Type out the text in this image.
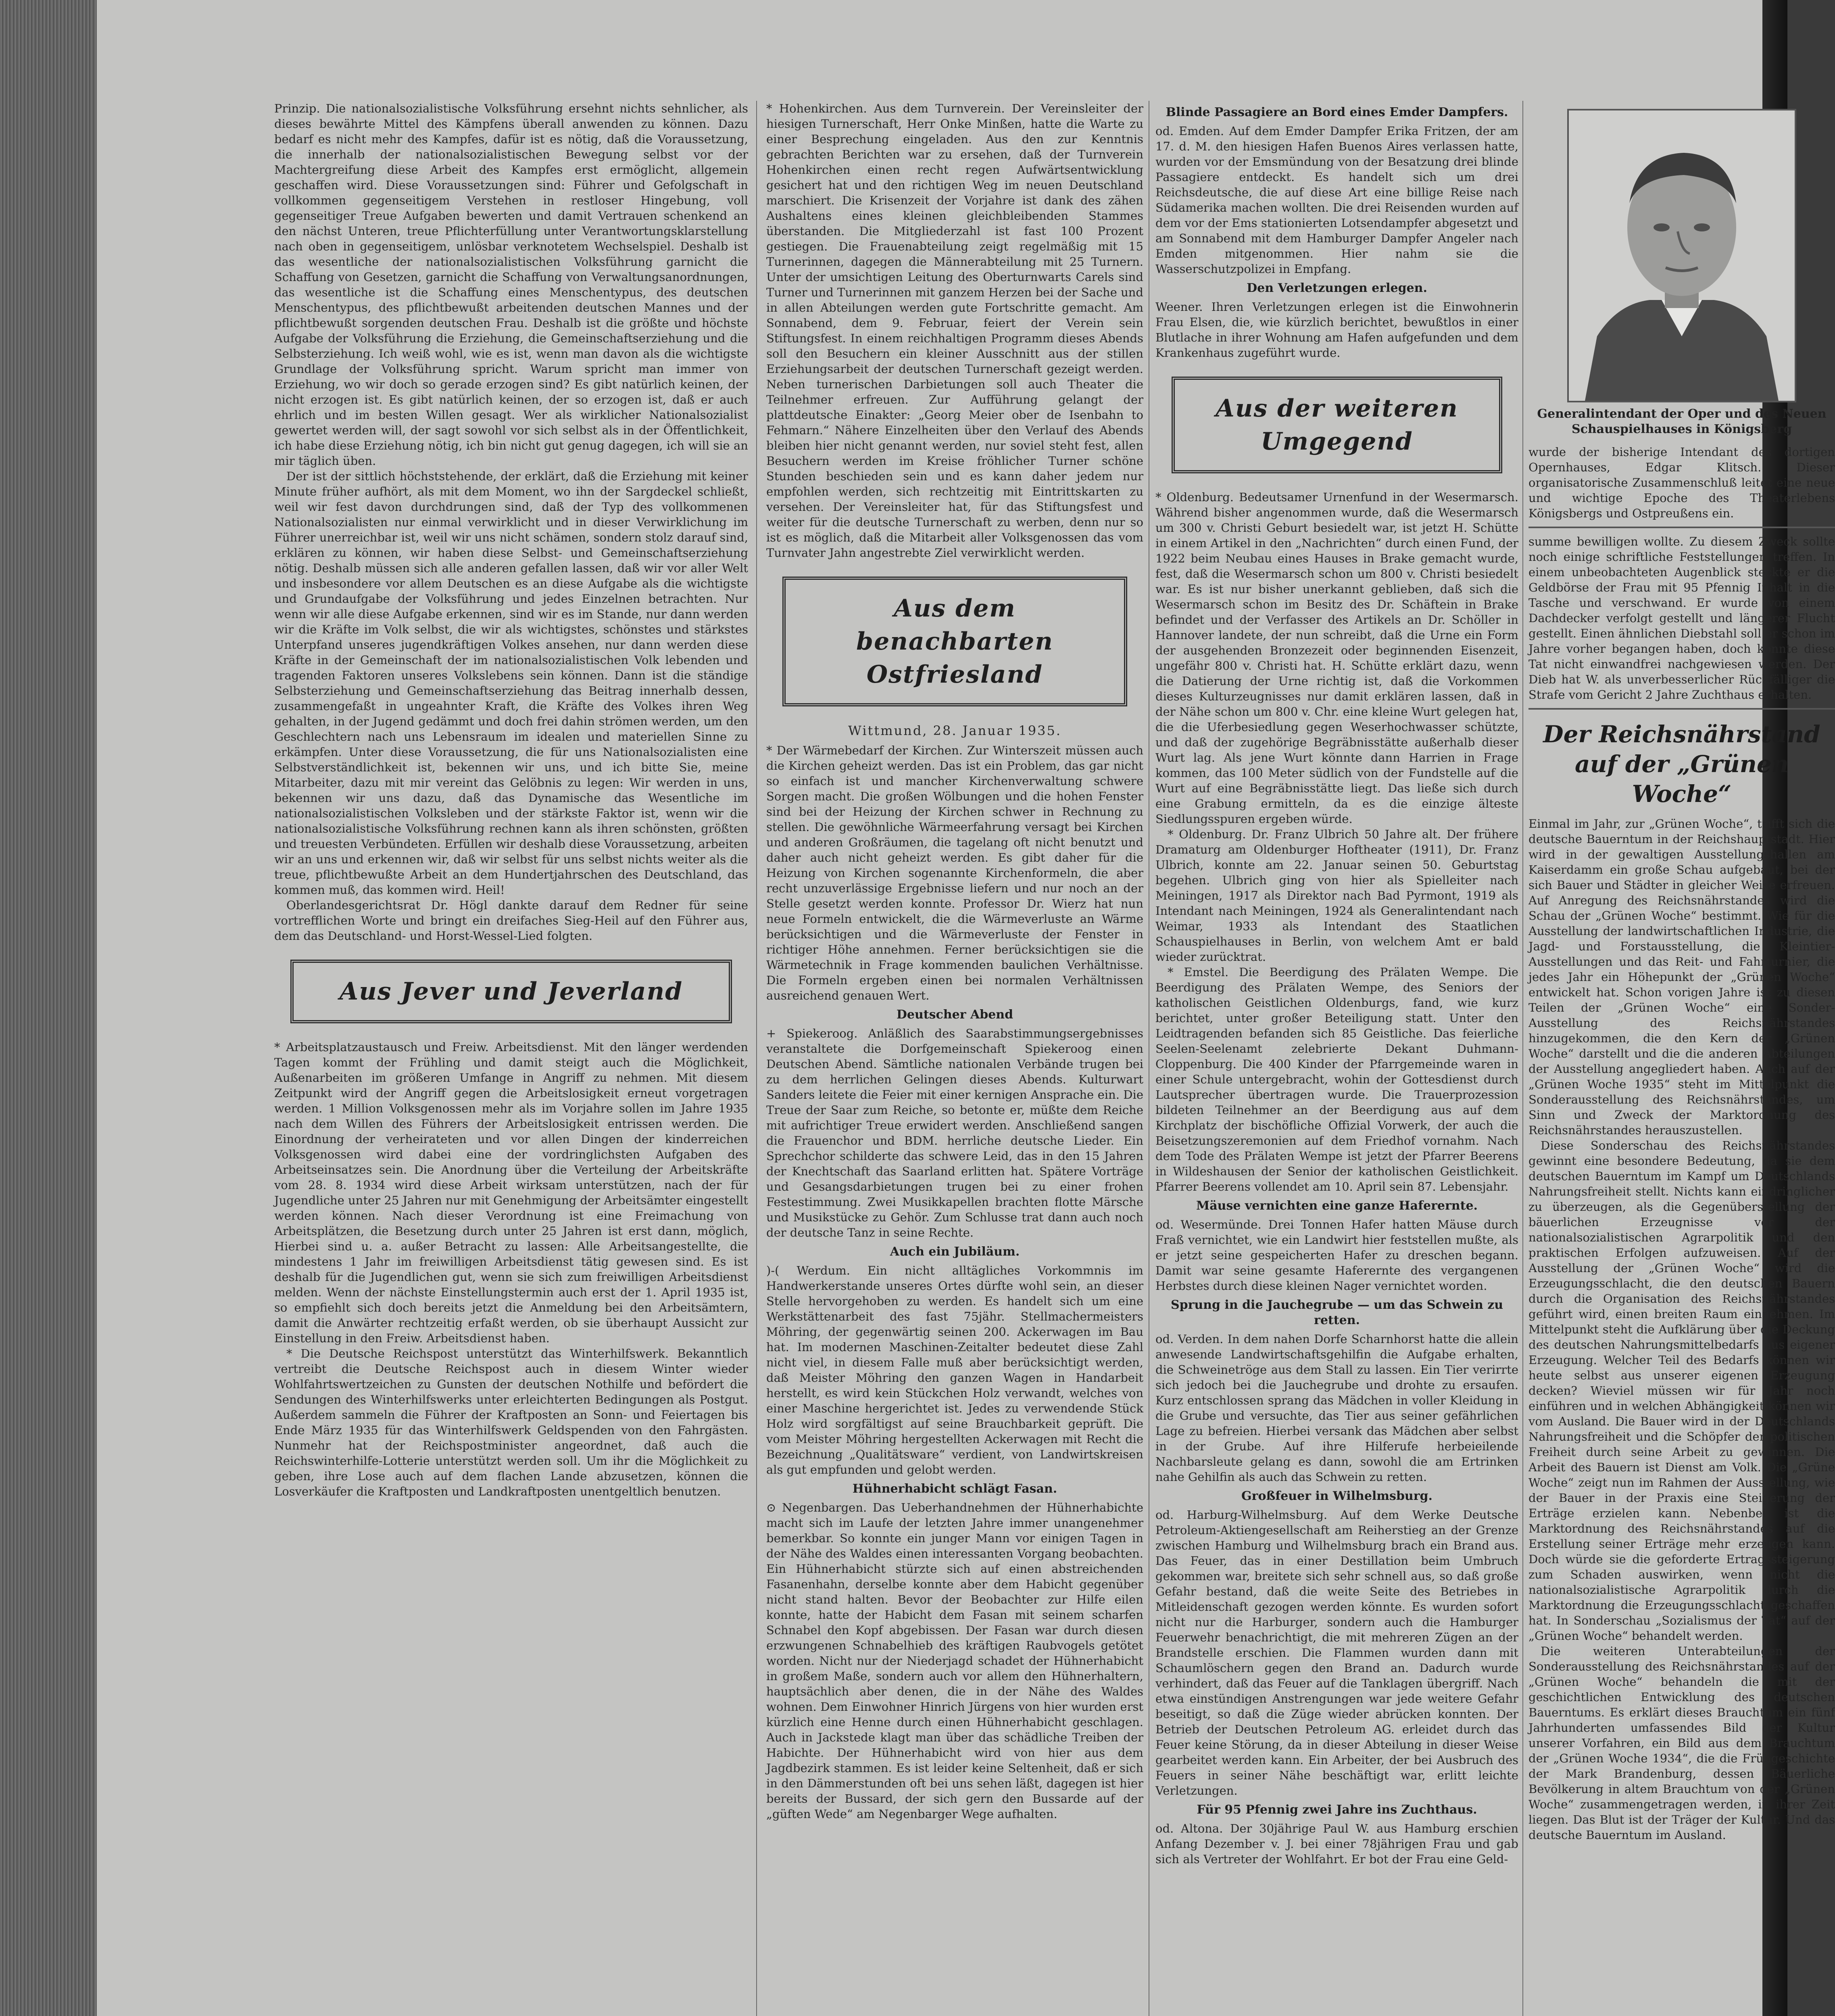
Prinzip. Die nationalsozialistische Volksführung ersehnt nichts sehnlicher, als dieses bewährte Mittel des Kämpfens überall anwenden zu können. Dazu bedarf es nicht mehr des Kampfes, dafür ist es nötig, daß die Voraussetzung, die innerhalb der nationalsozialistischen Bewegung selbst vor der Machtergreifung diese Arbeit des Kampfes erst ermöglicht, allgemein geschaffen wird. Diese Voraussetzungen sind: Führer und Gefolgschaft in vollkommen gegenseitigem Verstehen in restloser Hingebung, voll gegenseitiger Treue Aufgaben bewerten und damit Vertrauen schenkend an den nächst Unteren, treue Pflichterfüllung unter Verantwortungsklarstellung nach oben in gegenseitigem, unlösbar verknotetem Wechselspiel. Deshalb ist das wesentliche der nationalsozialistischen Volksführung garnicht die Schaffung von Gesetzen, garnicht die Schaffung von Verwaltungsanordnungen, das wesentliche ist die Schaffung eines Menschentypus, des deutschen Menschentypus, des pflichtbewußt arbeitenden deutschen Mannes und der pflichtbewußt sorgenden deutschen Frau. Deshalb ist die größte und höchste Aufgabe der Volksführung die Erziehung, die Gemeinschaftserziehung und die Selbsterziehung. Ich weiß wohl, wie es ist, wenn man davon als die wichtigste Grundlage der Volksführung spricht. Warum spricht man immer von Erziehung, wo wir doch so gerade erzogen sind? Es gibt natürlich keinen, der nicht erzogen ist. Es gibt natürlich keinen, der so erzogen ist, daß er auch ehrlich und im besten Willen gesagt. Wer als wirklicher Nationalsozialist gewertet werden will, der sagt sowohl vor sich selbst als in der Öffentlichkeit, ich habe diese Erziehung nötig, ich bin nicht gut genug dagegen, ich will sie an mir täglich üben.

Der ist der sittlich höchststehende, der erklärt, daß die Erziehung mit keiner Minute früher aufhört, als mit dem Moment, wo ihn der Sargdeckel schließt, weil wir fest davon durchdrungen sind, daß der Typ des vollkommenen Nationalsozialisten nur einmal verwirklicht und in dieser Verwirklichung im Führer unerreichbar ist, weil wir uns nicht schämen, sondern stolz darauf sind, erklären zu können, wir haben diese Selbst- und Gemeinschaftserziehung nötig. Deshalb müssen sich alle anderen gefallen lassen, daß wir vor aller Welt und insbesondere vor allem Deutschen es an diese Aufgabe als die wichtigste und Grundaufgabe der Volksführung und jedes Einzelnen betrachten. Nur wenn wir alle diese Aufgabe erkennen, sind wir es im Stande, nur dann werden wir die Kräfte im Volk selbst, die wir als wichtigstes, schönstes und stärkstes Unterpfand unseres jugendkräftigen Volkes ansehen, nur dann werden diese Kräfte in der Gemeinschaft der im nationalsozialistischen Volk lebenden und tragenden Faktoren unseres Volkslebens sein können. Dann ist die ständige Selbsterziehung und Gemeinschaftserziehung das Beitrag innerhalb dessen, zusammengefaßt in ungeahnter Kraft, die Kräfte des Volkes ihren Weg gehalten, in der Jugend gedämmt und doch frei dahin strömen werden, um den Geschlechtern nach uns Lebensraum im idealen und materiellen Sinne zu erkämpfen. Unter diese Voraussetzung, die für uns Nationalsozialisten eine Selbstverständlichkeit ist, bekennen wir uns, und ich bitte Sie, meine Mitarbeiter, dazu mit mir vereint das Gelöbnis zu legen: Wir werden in uns, bekennen wir uns dazu, daß das Dynamische das Wesentliche im nationalsozialistischen Volksleben und der stärkste Faktor ist, wenn wir die nationalsozialistische Volksführung rechnen kann als ihren schönsten, größten und treuesten Verbündeten. Erfüllen wir deshalb diese Voraussetzung, arbeiten wir an uns und erkennen wir, daß wir selbst für uns selbst nichts weiter als die treue, pflichtbewußte Arbeit an dem Hundertjahrschen des Deutschland, das kommen muß, das kommen wird. Heil!

Oberlandesgerichtsrat Dr. Högl dankte darauf dem Redner für seine vortrefflichen Worte und bringt ein dreifaches Sieg-Heil auf den Führer aus, dem das Deutschland- und Horst-Wessel-Lied folgten.

Aus Jever und Jeverland

* Arbeitsplatzaustausch und Freiw. Arbeitsdienst. Mit den länger werdenden Tagen kommt der Frühling und damit steigt auch die Möglichkeit, Außenarbeiten im größeren Umfange in Angriff zu nehmen. Mit diesem Zeitpunkt wird der Angriff gegen die Arbeitslosigkeit erneut vorgetragen werden. 1 Million Volksgenossen mehr als im Vorjahre sollen im Jahre 1935 nach dem Willen des Führers der Arbeitslosigkeit entrissen werden. Die Einordnung der verheirateten und vor allen Dingen der kinderreichen Volksgenossen wird dabei eine der vordringlichsten Aufgaben des Arbeitseinsatzes sein. Die Anordnung über die Verteilung der Arbeitskräfte vom 28. 8. 1934 wird diese Arbeit wirksam unterstützen, nach der für Jugendliche unter 25 Jahren nur mit Genehmigung der Arbeitsämter eingestellt werden können. Nach dieser Verordnung ist eine Freimachung von Arbeitsplätzen, die Besetzung durch unter 25 Jahren ist erst dann, möglich, Hierbei sind u. a. außer Betracht zu lassen: Alle Arbeitsangestellte, die mindestens 1 Jahr im freiwilligen Arbeitsdienst tätig gewesen sind. Es ist deshalb für die Jugendlichen gut, wenn sie sich zum freiwilligen Arbeitsdienst melden. Wenn der nächste Einstellungstermin auch erst der 1. April 1935 ist, so empfiehlt sich doch bereits jetzt die Anmeldung bei den Arbeitsämtern, damit die Anwärter rechtzeitig erfaßt werden, ob sie überhaupt Aussicht zur Einstellung in den Freiw. Arbeitsdienst haben.

* Die Deutsche Reichspost unterstützt das Winterhilfswerk. Bekanntlich vertreibt die Deutsche Reichspost auch in diesem Winter wieder Wohlfahrtswertzeichen zu Gunsten der deutschen Nothilfe und befördert die Sendungen des Winterhilfswerks unter erleichterten Bedingungen als Postgut. Außerdem sammeln die Führer der Kraftposten an Sonn- und Feiertagen bis Ende März 1935 für das Winterhilfswerk Geldspenden von den Fahrgästen. Nunmehr hat der Reichspostminister angeordnet, daß auch die Reichswinterhilfe-Lotterie unterstützt werden soll. Um ihr die Möglichkeit zu geben, ihre Lose auch auf dem flachen Lande abzusetzen, können die Losverkäufer die Kraftposten und Landkraftposten unentgeltlich benutzen.

* Hohenkirchen. Aus dem Turnverein. Der Vereinsleiter der hiesigen Turnerschaft, Herr Onke Minßen, hatte die Warte zu einer Besprechung eingeladen. Aus den zur Kenntnis gebrachten Berichten war zu ersehen, daß der Turnverein Hohenkirchen einen recht regen Aufwärtsentwicklung gesichert hat und den richtigen Weg im neuen Deutschland marschiert. Die Krisenzeit der Vorjahre ist dank des zähen Aushaltens eines kleinen gleichbleibenden Stammes überstanden. Die Mitgliederzahl ist fast 100 Prozent gestiegen. Die Frauenabteilung zeigt regelmäßig mit 15 Turnerinnen, dagegen die Männerabteilung mit 25 Turnern. Unter der umsichtigen Leitung des Oberturnwarts Carels sind Turner und Turnerinnen mit ganzem Herzen bei der Sache und in allen Abteilungen werden gute Fortschritte gemacht. Am Sonnabend, dem 9. Februar, feiert der Verein sein Stiftungsfest. In einem reichhaltigen Programm dieses Abends soll den Besuchern ein kleiner Ausschnitt aus der stillen Erziehungsarbeit der deutschen Turnerschaft gezeigt werden. Neben turnerischen Darbietungen soll auch Theater die Teilnehmer erfreuen. Zur Aufführung gelangt der plattdeutsche Einakter: „Georg Meier ober de Isenbahn to Fehmarn.“ Nähere Einzelheiten über den Verlauf des Abends bleiben hier nicht genannt werden, nur soviel steht fest, allen Besuchern werden im Kreise fröhlicher Turner schöne Stunden beschieden sein und es kann daher jedem nur empfohlen werden, sich rechtzeitig mit Eintrittskarten zu versehen. Der Vereinsleiter hat, für das Stiftungsfest und weiter für die deutsche Turnerschaft zu werben, denn nur so ist es möglich, daß die Mitarbeit aller Volksgenossen das vom Turnvater Jahn angestrebte Ziel verwirklicht werden.

Aus dem benachbarten Ostfriesland

Wittmund, 28. Januar 1935.

* Der Wärmebedarf der Kirchen. Zur Winterszeit müssen auch die Kirchen geheizt werden. Das ist ein Problem, das gar nicht so einfach ist und mancher Kirchenverwaltung schwere Sorgen macht. Die großen Wölbungen und die hohen Fenster sind bei der Heizung der Kirchen schwer in Rechnung zu stellen. Die gewöhnliche Wärmeerfahrung versagt bei Kirchen und anderen Großräumen, die tagelang oft nicht benutzt und daher auch nicht geheizt werden. Es gibt daher für die Heizung von Kirchen sogenannte Kirchenformeln, die aber recht unzuverlässige Ergebnisse liefern und nur noch an der Stelle gesetzt werden konnte. Professor Dr. Wierz hat nun neue Formeln entwickelt, die die Wärmeverluste an Wärme berücksichtigen und die Wärmeverluste der Fenster in richtiger Höhe annehmen. Ferner berücksichtigen sie die Wärmetechnik in Frage kommenden baulichen Verhältnisse. Die Formeln ergeben einen bei normalen Verhältnissen ausreichend genauen Wert.

Deutscher Abend

+ Spiekeroog. Anläßlich des Saarabstimmungsergebnisses veranstaltete die Dorfgemeinschaft Spiekeroog einen Deutschen Abend. Sämtliche nationalen Verbände trugen bei zu dem herrlichen Gelingen dieses Abends. Kulturwart Sanders leitete die Feier mit einer kernigen Ansprache ein. Die Treue der Saar zum Reiche, so betonte er, müßte dem Reiche mit aufrichtiger Treue erwidert werden. Anschließend sangen die Frauenchor und BDM. herrliche deutsche Lieder. Ein Sprechchor schilderte das schwere Leid, das in den 15 Jahren der Knechtschaft das Saarland erlitten hat. Spätere Vorträge und Gesangsdarbietungen trugen bei zu einer frohen Festestimmung. Zwei Musikkapellen brachten flotte Märsche und Musikstücke zu Gehör. Zum Schlusse trat dann auch noch der deutsche Tanz in seine Rechte.

Auch ein Jubiläum.

)-( Werdum. Ein nicht alltägliches Vorkommnis im Handwerkerstande unseres Ortes dürfte wohl sein, an dieser Stelle hervorgehoben zu werden. Es handelt sich um eine Werkstättenarbeit des fast 75jähr. Stellmachermeisters Möhring, der gegenwärtig seinen 200. Ackerwagen im Bau hat. Im modernen Maschinen-Zeitalter bedeutet diese Zahl nicht viel, in diesem Falle muß aber berücksichtigt werden, daß Meister Möhring den ganzen Wagen in Handarbeit herstellt, es wird kein Stückchen Holz verwandt, welches von einer Maschine hergerichtet ist. Jedes zu verwendende Stück Holz wird sorgfältigst auf seine Brauchbarkeit geprüft. Die vom Meister Möhring hergestellten Ackerwagen mit Recht die Bezeichnung „Qualitätsware“ verdient, von Landwirtskreisen als gut empfunden und gelobt werden.

Hühnerhabicht schlägt Fasan.

⊙ Negenbargen. Das Ueberhandnehmen der Hühnerhabichte macht sich im Laufe der letzten Jahre immer unangenehmer bemerkbar. So konnte ein junger Mann vor einigen Tagen in der Nähe des Waldes einen interessanten Vorgang beobachten. Ein Hühnerhabicht stürzte sich auf einen abstreichenden Fasanenhahn, derselbe konnte aber dem Habicht gegenüber nicht stand halten. Bevor der Beobachter zur Hilfe eilen konnte, hatte der Habicht dem Fasan mit seinem scharfen Schnabel den Kopf abgebissen. Der Fasan war durch diesen erzwungenen Schnabelhieb des kräftigen Raubvogels getötet worden. Nicht nur der Niederjagd schadet der Hühnerhabicht in großem Maße, sondern auch vor allem den Hühnerhaltern, hauptsächlich aber denen, die in der Nähe des Waldes wohnen. Dem Einwohner Hinrich Jürgens von hier wurden erst kürzlich eine Henne durch einen Hühnerhabicht geschlagen. Auch in Jackstede klagt man über das schädliche Treiben der Habichte. Der Hühnerhabicht wird von hier aus dem Jagdbezirk stammen. Es ist leider keine Seltenheit, daß er sich in den Dämmerstunden oft bei uns sehen läßt, dagegen ist hier bereits der Bussard, der sich gern den Bussarde auf der „güften Wede“ am Negenbarger Wege aufhalten.

Blinde Passagiere an Bord eines Emder Dampfers.

od. Emden. Auf dem Emder Dampfer Erika Fritzen, der am 17. d. M. den hiesigen Hafen Buenos Aires verlassen hatte, wurden vor der Emsmündung von der Besatzung drei blinde Passagiere entdeckt. Es handelt sich um drei Reichsdeutsche, die auf diese Art eine billige Reise nach Südamerika machen wollten. Die drei Reisenden wurden auf dem vor der Ems stationierten Lotsendampfer abgesetzt und am Sonnabend mit dem Hamburger Dampfer Angeler nach Emden mitgenommen. Hier nahm sie die Wasserschutzpolizei in Empfang.

Den Verletzungen erlegen.

Weener. Ihren Verletzungen erlegen ist die Einwohnerin Frau Elsen, die, wie kürzlich berichtet, bewußtlos in einer Blutlache in ihrer Wohnung am Hafen aufgefunden und dem Krankenhaus zugeführt wurde.

Aus der weiteren Umgegend

* Oldenburg. Bedeutsamer Urnenfund in der Wesermarsch. Während bisher angenommen wurde, daß die Wesermarsch um 300 v. Christi Geburt besiedelt war, ist jetzt H. Schütte in einem Artikel in den „Nachrichten“ durch einen Fund, der 1922 beim Neubau eines Hauses in Brake gemacht wurde, fest, daß die Wesermarsch schon um 800 v. Christi besiedelt war. Es ist nur bisher unerkannt geblieben, daß sich die Wesermarsch schon im Besitz des Dr. Schäftein in Brake befindet und der Verfasser des Artikels an Dr. Schöller in Hannover landete, der nun schreibt, daß die Urne ein Form der ausgehenden Bronzezeit oder beginnenden Eisenzeit, ungefähr 800 v. Christi hat. H. Schütte erklärt dazu, wenn die Datierung der Urne richtig ist, daß die Vorkommen dieses Kulturzeugnisses nur damit erklären lassen, daß in der Nähe schon um 800 v. Chr. eine kleine Wurt gelegen hat, die die Uferbesiedlung gegen Weserhochwasser schützte, und daß der zugehörige Begräbnisstätte außerhalb dieser Wurt lag. Als jene Wurt könnte dann Harrien in Frage kommen, das 100 Meter südlich von der Fundstelle auf die Wurt auf eine Begräbnisstätte liegt. Das ließe sich durch eine Grabung ermitteln, da es die einzige älteste Siedlungsspuren ergeben würde.

* Oldenburg. Dr. Franz Ulbrich 50 Jahre alt. Der frühere Dramaturg am Oldenburger Hoftheater (1911), Dr. Franz Ulbrich, konnte am 22. Januar seinen 50. Geburtstag begehen. Ulbrich ging von hier als Spielleiter nach Meiningen, 1917 als Direktor nach Bad Pyrmont, 1919 als Intendant nach Meiningen, 1924 als Generalintendant nach Weimar, 1933 als Intendant des Staatlichen Schauspielhauses in Berlin, von welchem Amt er bald wieder zurücktrat.

* Emstel. Die Beerdigung des Prälaten Wempe. Die Beerdigung des Prälaten Wempe, des Seniors der katholischen Geistlichen Oldenburgs, fand, wie kurz berichtet, unter großer Beteiligung statt. Unter den Leidtragenden befanden sich 85 Geistliche. Das feierliche Seelen-Seelenamt zelebrierte Dekant Duhmann-Cloppenburg. Die 400 Kinder der Pfarrgemeinde waren in einer Schule untergebracht, wohin der Gottesdienst durch Lautsprecher übertragen wurde. Die Trauerprozession bildeten Teilnehmer an der Beerdigung aus auf dem Kirchplatz der bischöfliche Offizial Vorwerk, der auch die Beisetzungszeremonien auf dem Friedhof vornahm. Nach dem Tode des Prälaten Wempe ist jetzt der Pfarrer Beerens in Wildeshausen der Senior der katholischen Geistlichkeit. Pfarrer Beerens vollendet am 10. April sein 87. Lebensjahr.

Mäuse vernichten eine ganze Haferernte.

od. Wesermünde. Drei Tonnen Hafer hatten Mäuse durch Fraß vernichtet, wie ein Landwirt hier feststellen mußte, als er jetzt seine gespeicherten Hafer zu dreschen begann. Damit war seine gesamte Haferernte des vergangenen Herbstes durch diese kleinen Nager vernichtet worden.

Sprung in die Jauchegrube — um das Schwein zu retten.

od. Verden. In dem nahen Dorfe Scharnhorst hatte die allein anwesende Landwirtschaftsgehilfin die Aufgabe erhalten, die Schweinetröge aus dem Stall zu lassen. Ein Tier verirrte sich jedoch bei die Jauchegrube und drohte zu ersaufen. Kurz entschlossen sprang das Mädchen in voller Kleidung in die Grube und versuchte, das Tier aus seiner gefährlichen Lage zu befreien. Hierbei versank das Mädchen aber selbst in der Grube. Auf ihre Hilferufe herbeieilende Nachbarsleute gelang es dann, sowohl die am Ertrinken nahe Gehilfin als auch das Schwein zu retten.

Großfeuer in Wilhelmsburg.

od. Harburg-Wilhelmsburg. Auf dem Werke Deutsche Petroleum-Aktiengesellschaft am Reiherstieg an der Grenze zwischen Hamburg und Wilhelmsburg brach ein Brand aus. Das Feuer, das in einer Destillation beim Umbruch gekommen war, breitete sich sehr schnell aus, so daß große Gefahr bestand, daß die weite Seite des Betriebes in Mitleidenschaft gezogen werden könnte. Es wurden sofort nicht nur die Harburger, sondern auch die Hamburger Feuerwehr benachrichtigt, die mit mehreren Zügen an der Brandstelle erschien. Die Flammen wurden dann mit Schaumlöschern gegen den Brand an. Dadurch wurde verhindert, daß das Feuer auf die Tanklagen übergriff. Nach etwa einstündigen Anstrengungen war jede weitere Gefahr beseitigt, so daß die Züge wieder abrücken konnten. Der Betrieb der Deutschen Petroleum AG. erleidet durch das Feuer keine Störung, da in dieser Abteilung in dieser Weise gearbeitet werden kann. Ein Arbeiter, der bei Ausbruch des Feuers in seiner Nähe beschäftigt war, erlitt leichte Verletzungen.

Für 95 Pfennig zwei Jahre ins Zuchthaus.

od. Altona. Der 30jährige Paul W. aus Hamburg erschien Anfang Dezember v. J. bei einer 78jährigen Frau und gab sich als Vertreter der Wohlfahrt. Er bot der Frau eine Geld-

Generalintendant der Oper und des Neuen Schauspielhauses in Königsberg

wurde der bisherige Intendant des dortigen Opernhauses, Edgar Klitsch. Dieser organisatorische Zusammenschluß leitet eine neue und wichtige Epoche des Theaterlebens Königsbergs und Ostpreußens ein.

summe bewilligen wollte. Zu diesem Zweck sollte noch einige schriftliche Feststellungen treffen. In einem unbeobachteten Augenblick steckte er die Geldbörse der Frau mit 95 Pfennig Inhalt in die Tasche und verschwand. Er wurde von einem Dachdecker verfolgt gestellt und längerer Flucht gestellt. Einen ähnlichen Diebstahl soll er schon im Jahre vorher begangen haben, doch konnte diese Tat nicht einwandfrei nachgewiesen werden. Der Dieb hat W. als unverbesserlicher Rückfälliger die Strafe vom Gericht 2 Jahre Zuchthaus erhalten.

Der Reichsnährstand auf der „Grünen Woche“

Einmal im Jahr, zur „Grünen Woche“, trifft sich die deutsche Bauerntum in der Reichshauptstadt. Hier wird in der gewaltigen Ausstellungshallen am Kaiserdamm ein große Schau aufgebaut, bei der sich Bauer und Städter in gleicher Weise erfreuen. Auf Anregung des Reichsnährstandes wird die Schau der „Grünen Woche“ bestimmt. Wie für die Ausstellung der landwirtschaftlichen Industrie, die Jagd- und Forstausstellung, die Kleintier-Ausstellungen und das Reit- und Fahrturnier, die jedes Jahr ein Höhepunkt der „Grünen Woche“ entwickelt hat. Schon vorigen Jahre ist zu diesen Teilen der „Grünen Woche“ eine Sonder-Ausstellung des Reichsnährstandes hinzugekommen, die den Kern der „Grünen Woche“ darstellt und die die anderen Abteilungen der Ausstellung angegliedert haben. Auch auf der „Grünen Woche 1935“ steht im Mittelpunkt die Sonderausstellung des Reichsnährstandes, um Sinn und Zweck der Marktordnung des Reichsnährstandes herauszustellen.

Diese Sonderschau des Reichsnährstandes gewinnt eine besondere Bedeutung, da sie dem deutschen Bauerntum im Kampf um Deutschlands Nahrungsfreiheit stellt. Nichts kann eindringlicher zu überzeugen, als die Gegenüberstellung der bäuerlichen Erzeugnisse vor der nationalsozialistischen Agrarpolitik und den praktischen Erfolgen aufzuweisen. Auf der Ausstellung der „Grünen Woche“ wird die Erzeugungsschlacht, die den deutschen Bauern durch die Organisation des Reichsnährstandes geführt wird, einen breiten Raum einnehmen. Im Mittelpunkt steht die Aufklärung über die Deckung des deutschen Nahrungsmittelbedarfs aus eigener Erzeugung. Welcher Teil des Bedarfs können wir heute selbst aus unserer eigenen Erzeugung decken? Wieviel müssen wir für Jahr noch einführen und in welchen Abhängigkeit können wir vom Ausland. Die Bauer wird in der Deutschlands Nahrungsfreiheit und die Schöpfer der politischen Freiheit durch seine Arbeit zu gewinnen. Die Arbeit des Bauern ist Dienst am Volk. Die „Grüne Woche“ zeigt nun im Rahmen der Ausstellung, wie der Bauer in der Praxis eine Steigerung der Erträge erzielen kann. Nebenbei ist die Marktordnung des Reichsnährstandes auf die Erstellung seiner Erträge mehr erzeugen kann. Doch würde sie die geforderte Ertragssteigerung zum Schaden auswirken, wenn nicht die nationalsozialistische Agrarpolitik durch die Marktordnung die Erzeugungsschlacht geschaffen hat. In Sonderschau „Sozialismus der Tat“ auf der „Grünen Woche“ behandelt werden.

Die weiteren Unterabteilungen der Sonderausstellung des Reichsnährstandes auf der „Grünen Woche“ behandeln die mit der geschichtlichen Entwicklung des deutschen Bauerntums. Es erklärt dieses Brauchtum ein fünf Jahrhunderten umfassendes Bild der Kultur unserer Vorfahren, ein Bild aus dem Brauchtum der „Grünen Woche 1934“, die die Frühgeschichte der Mark Brandenburg, dessen Bäuerliche Bevölkerung in altem Brauchtum von der „Grünen Woche“ zusammengetragen werden, in ihrer Zeit liegen. Das Blut ist der Träger der Kultur. Und das deutsche Bauerntum im Ausland.
